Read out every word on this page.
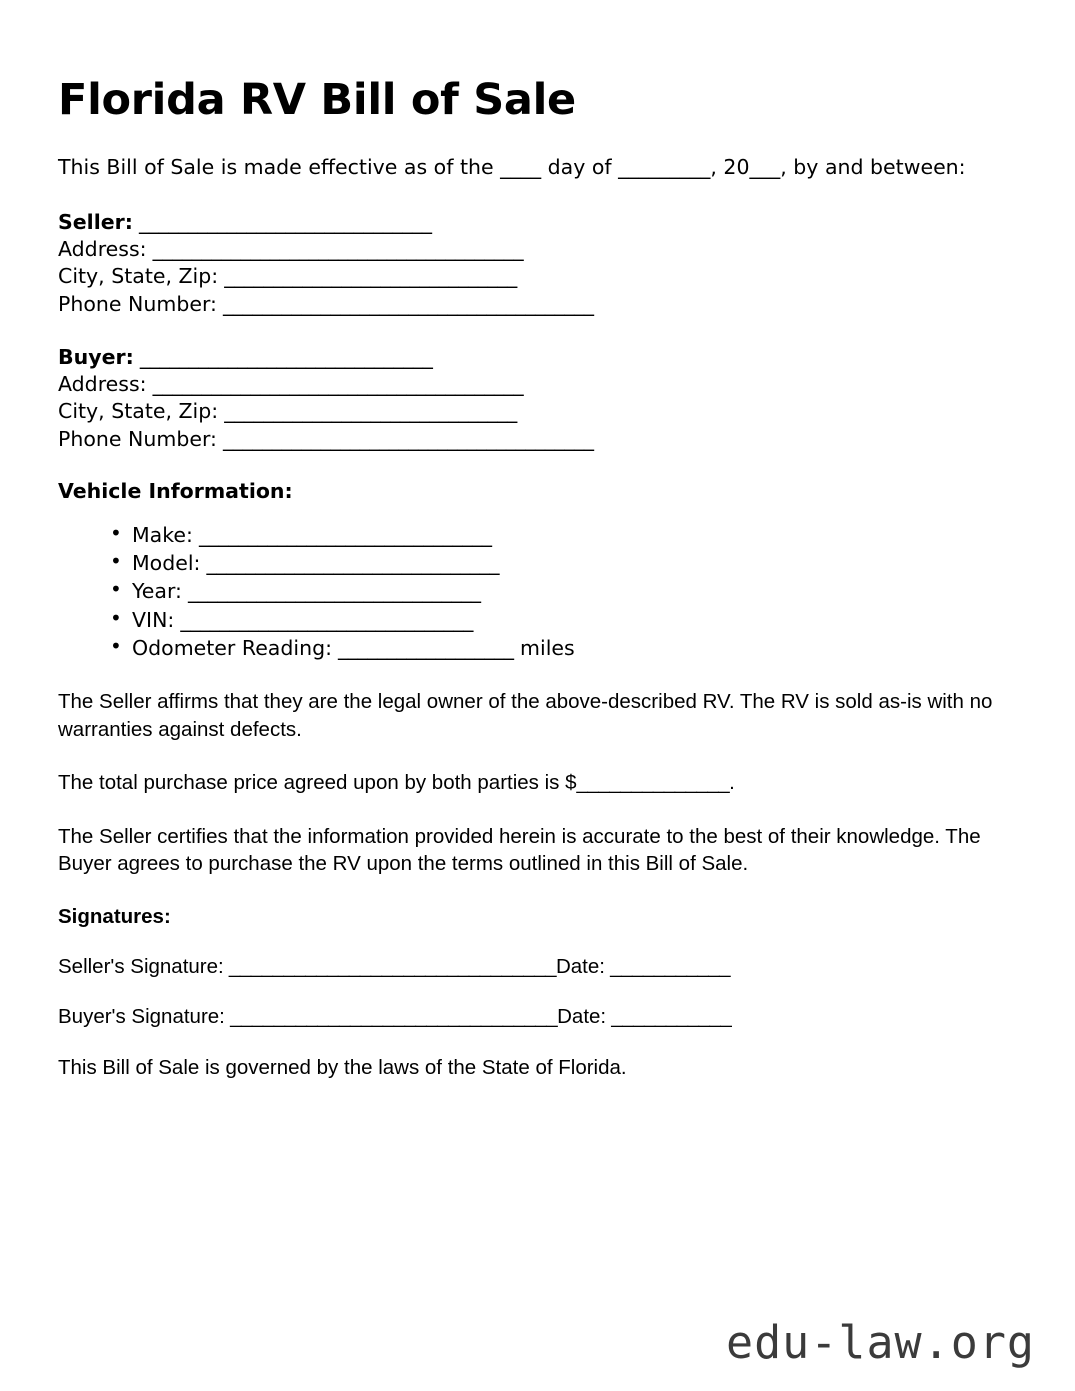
Florida RV Bill of Sale

This Bill of Sale is made effective as of the ____ day of _________, 20___, by and between:

Seller: ______________________________
Address: ______________________________________
City, State, Zip: ______________________________
Phone Number: ______________________________________
Buyer: ______________________________
Address: ______________________________________
City, State, Zip: ______________________________
Phone Number: ______________________________________
Vehicle Information:
• Make: ______________________________
• Model: ______________________________
• Year: ______________________________
• VIN: ______________________________
• Odometer Reading: __________________ miles

The Seller affirms that they are the legal owner of the above-described RV. The RV is sold as-is with no warranties against defects.

The total purchase price agreed upon by both parties is $______________.

The Seller certifies that the information provided herein is accurate to the best of their knowledge. The Buyer agrees to purchase the RV upon the terms outlined in this Bill of Sale.

Signatures:
Seller's Signature: ______________________________Date: ___________
Buyer's Signature: ______________________________Date: ___________

This Bill of Sale is governed by the laws of the State of Florida.

edu-law.org
